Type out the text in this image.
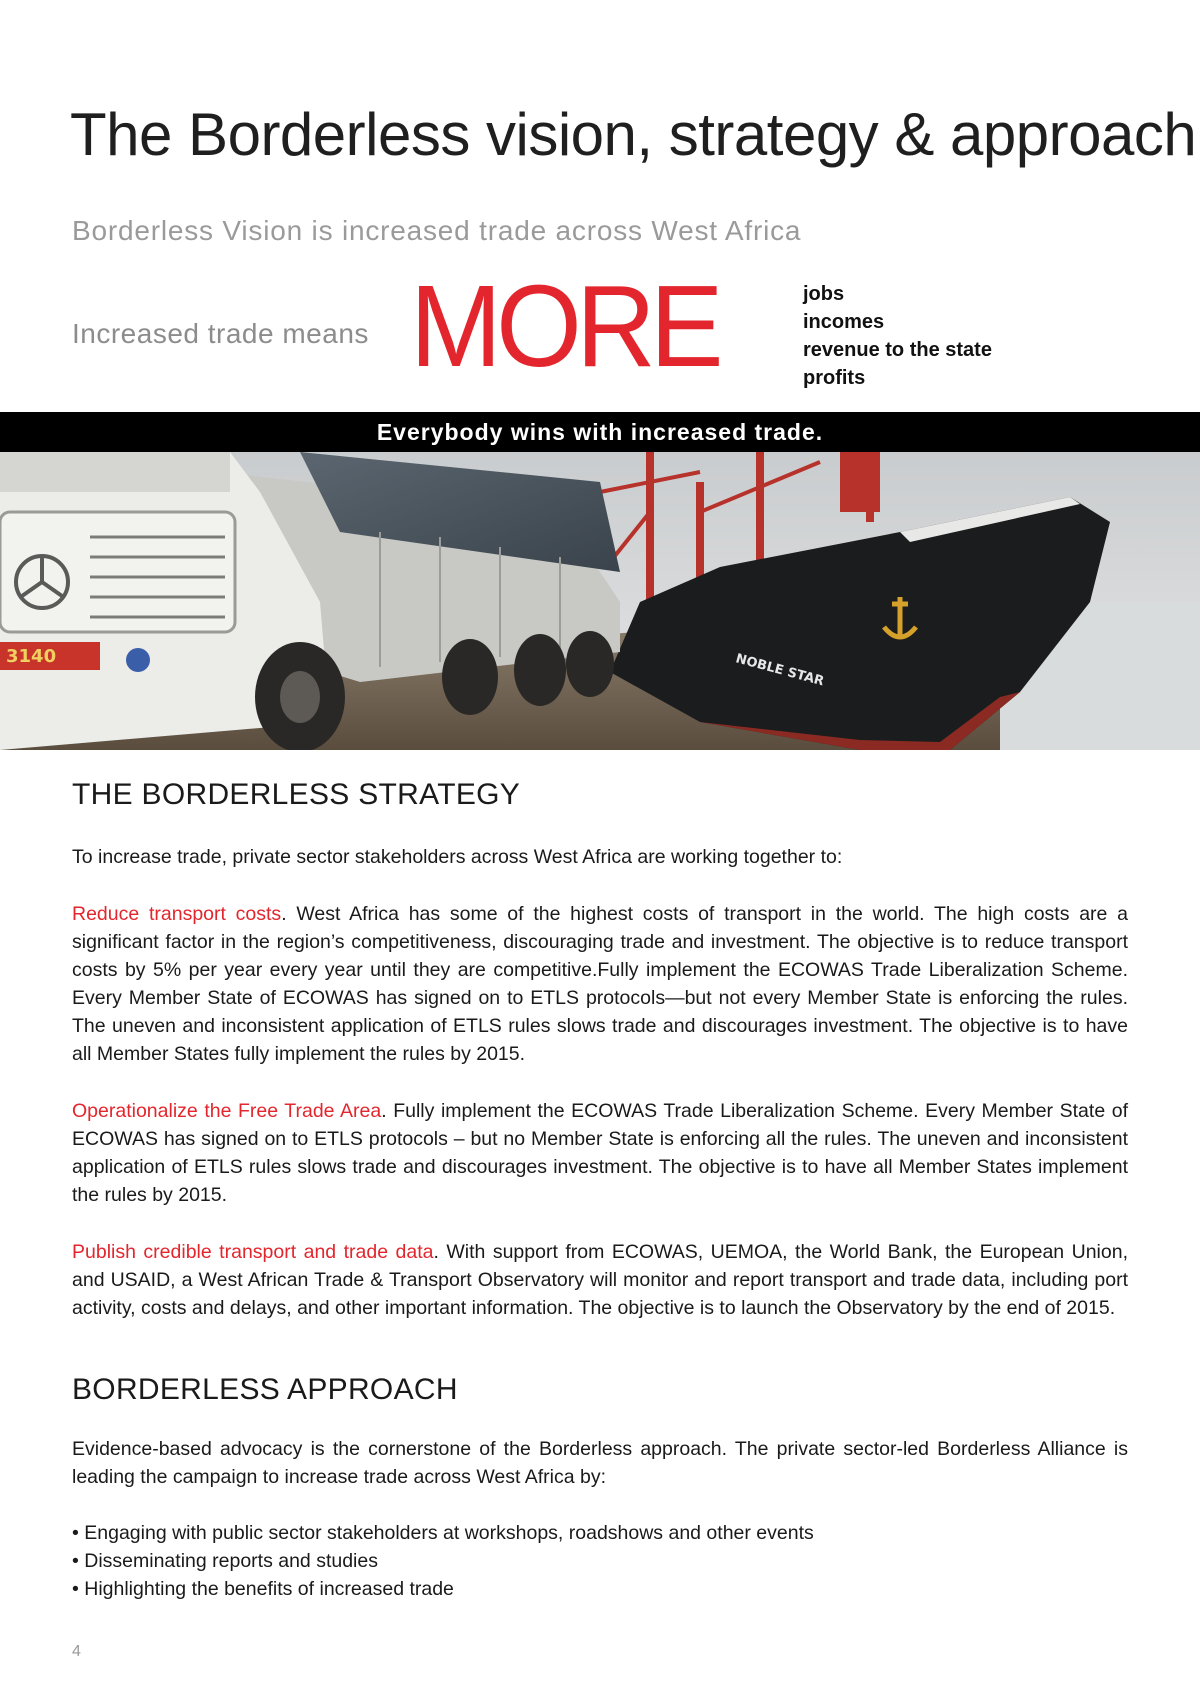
The Borderless vision, strategy & approach
Borderless Vision is increased trade across West Africa
Increased trade means MORE	jobs
incomes
revenue to the state
profits
Everybody wins with increased trade.
NOBLE STAR
3140
THE BORDERLESS STRATEGY

To increase trade, private sector stakeholders across West Africa are working together to:

Reduce transport costs. West Africa has some of the highest costs of transport in the world. The high costs are a significant factor in the region’s competitiveness, discouraging trade and investment. The objective is to reduce transport costs by 5% per year every year until they are competitive.Fully implement the ECOWAS Trade Liberalization Scheme. Every Member State of ECOWAS has signed on to ETLS protocols—but not every Member State is enforcing the rules. The uneven and inconsistent application of ETLS rules slows trade and discourages investment. The objective is to have all Member States fully implement the rules by 2015.

Operationalize the Free Trade Area. Fully implement the ECOWAS Trade Liberalization Scheme. Every Member State of ECOWAS has signed on to ETLS protocols – but no Member State is enforcing all the rules. The uneven and inconsistent application of ETLS rules slows trade and discourages investment. The objective is to have all Member States implement the rules by 2015.

Publish credible transport and trade data. With support from ECOWAS, UEMOA, the World Bank, the European Union, and USAID, a West African Trade & Transport Observatory will monitor and report transport and trade data, including port activity, costs and delays, and other important information. The objective is to launch the Observatory by the end of 2015.

BORDERLESS APPROACH

Evidence-based advocacy is the cornerstone of the Borderless approach. The private sector-led Borderless Alliance is leading the campaign to increase trade across West Africa by:

• Engaging with public sector stakeholders at workshops, roadshows and other events
• Disseminating reports and studies
• Highlighting the benefits of increased trade
4
